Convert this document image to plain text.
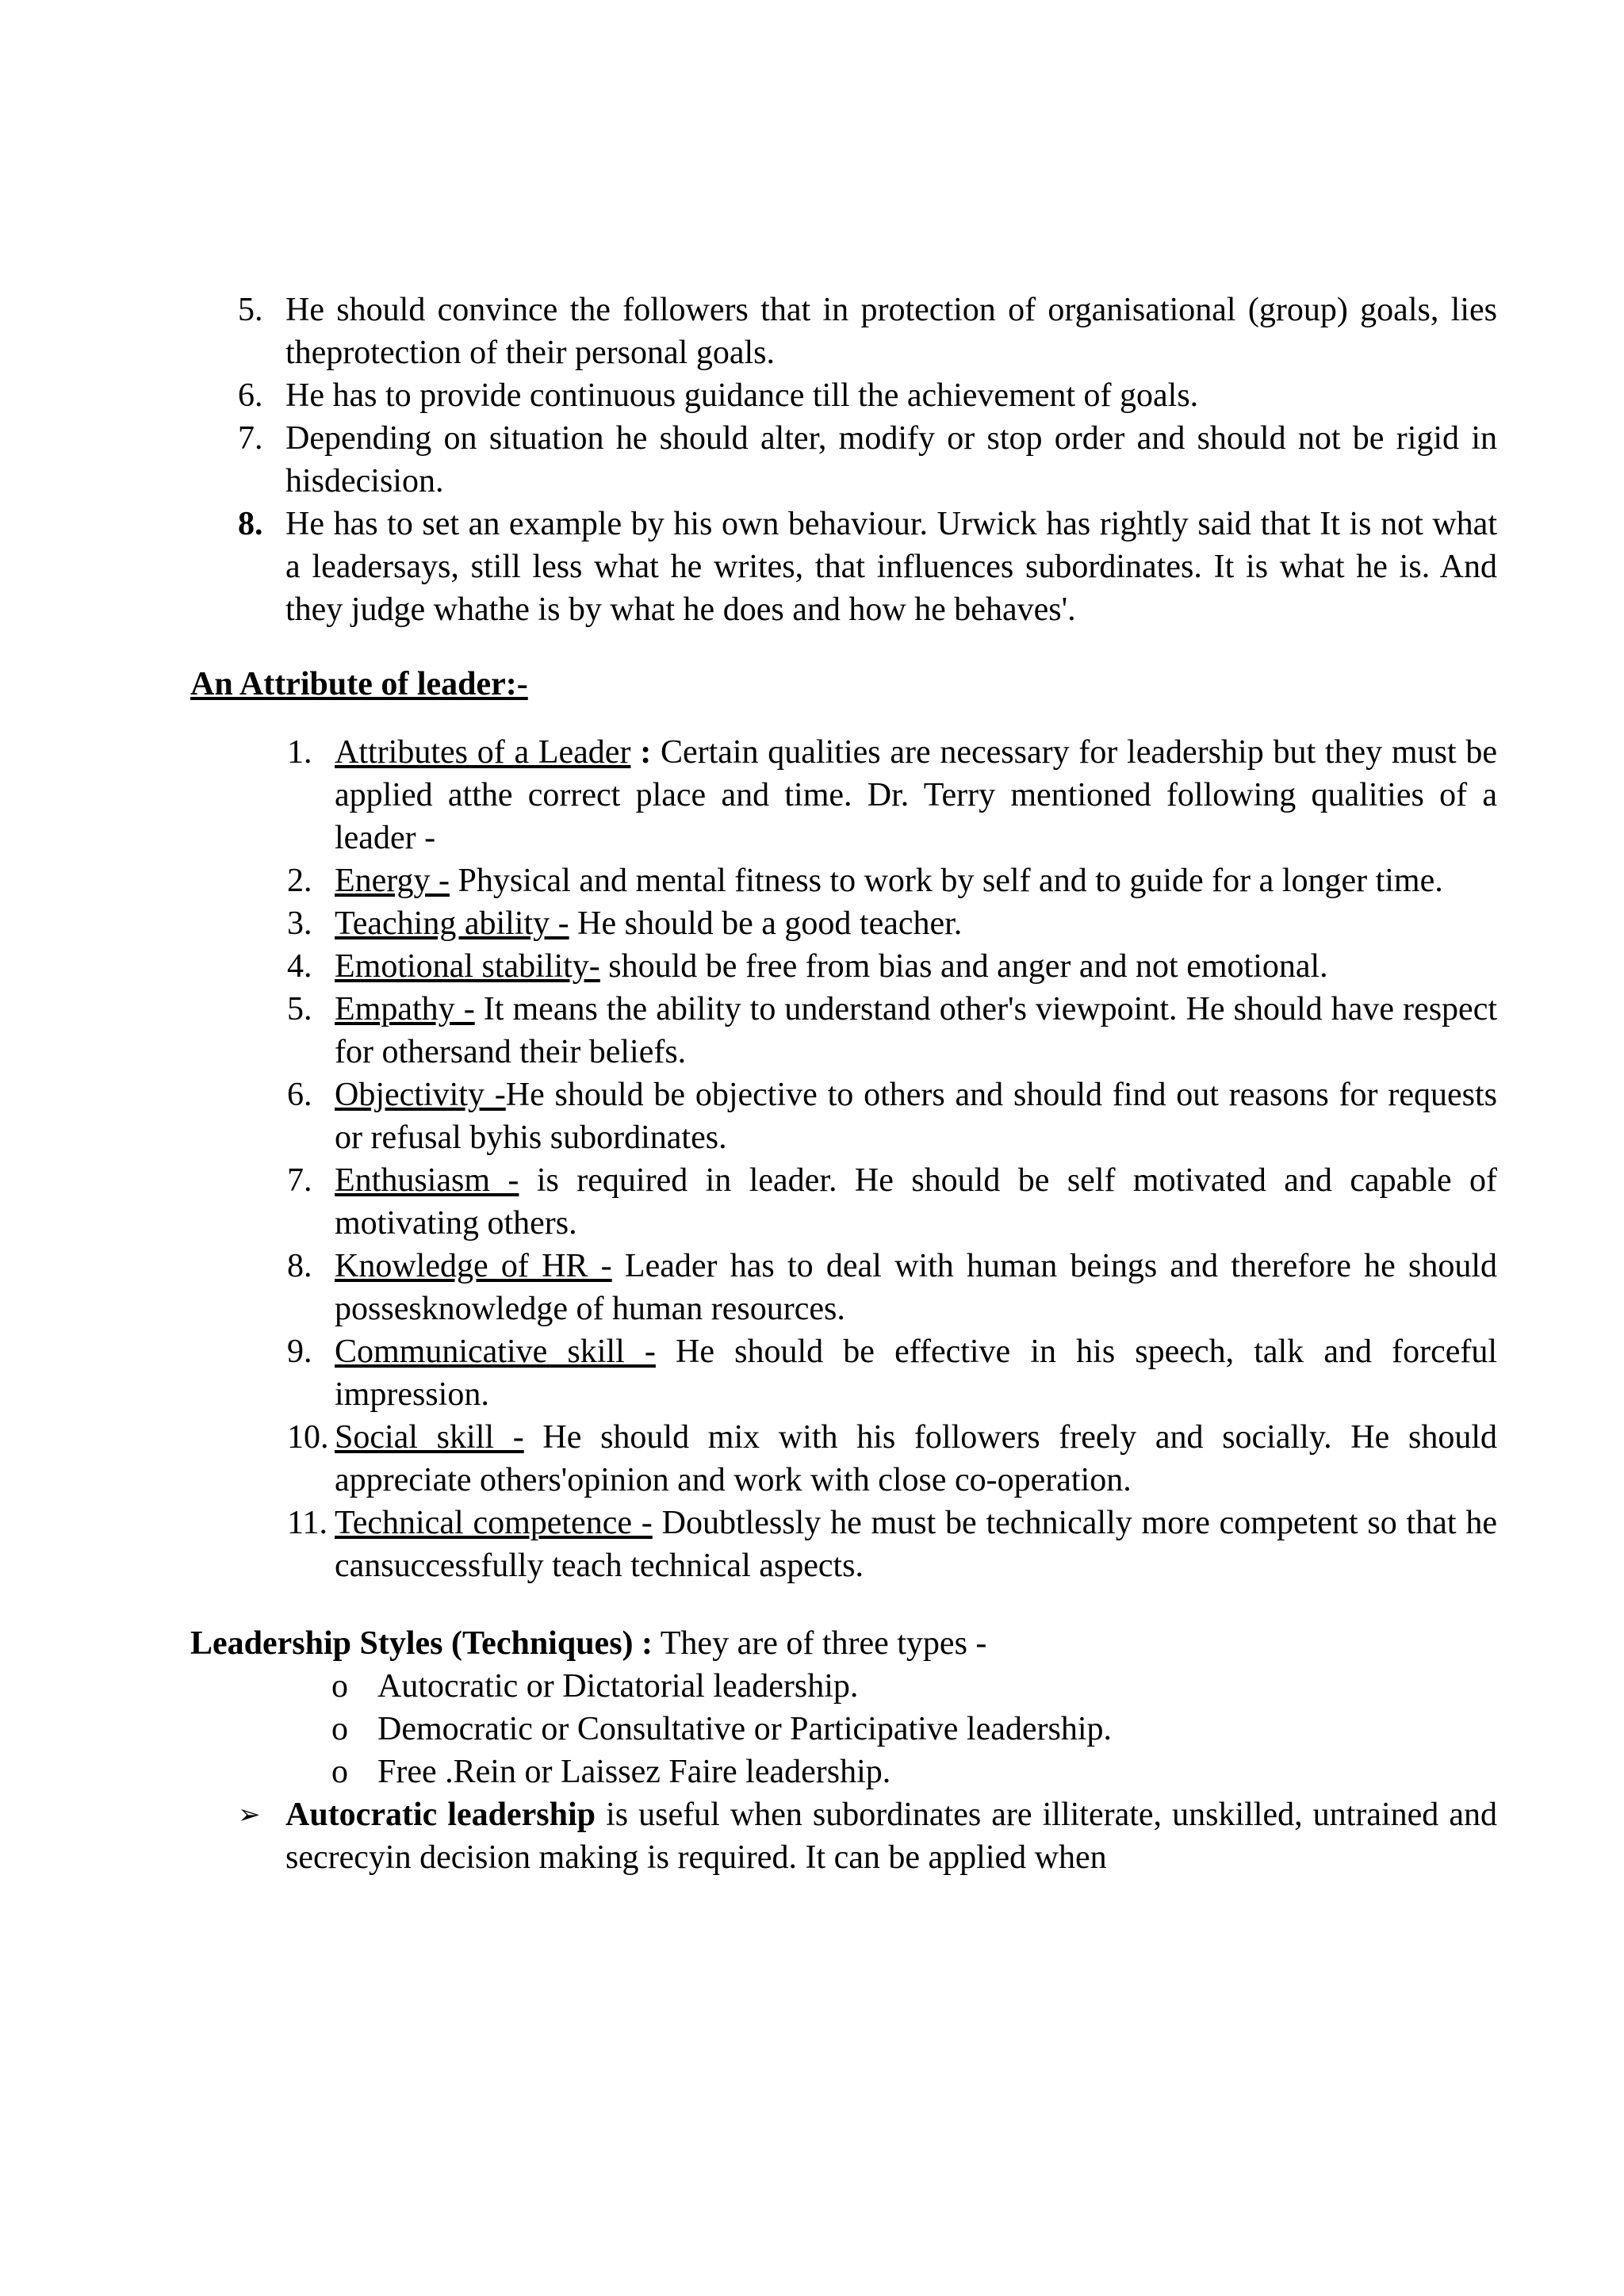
5. He should convince the followers that in protection of organisational (group) goals, lies theprotection of their personal goals.
6. He has to provide continuous guidance till the achievement of goals.
7. Depending on situation he should alter, modify or stop order and should not be rigid in hisdecision.
8. He has to set an example by his own behaviour. Urwick has rightly said that It is not what a leadersays, still less what he writes, that influences subordinates. It is what he is. And they judge whathe is by what he does and how he behaves'.
An Attribute of leader:-
1. Attributes of a Leader : Certain qualities are necessary for leadership but they must be applied atthe correct place and time. Dr. Terry mentioned following qualities of a leader -
2. Energy - Physical and mental fitness to work by self and to guide for a longer time.
3. Teaching ability - He should be a good teacher.
4. Emotional stability- should be free from bias and anger and not emotional.
5. Empathy - It means the ability to understand other's viewpoint. He should have respect for othersand their beliefs.
6. Objectivity -He should be objective to others and should find out reasons for requests or refusal byhis subordinates.
7. Enthusiasm - is required in leader. He should be self motivated and capable of motivating others.
8. Knowledge of HR - Leader has to deal with human beings and therefore he should possesknowledge of human resources.
9. Communicative skill - He should be effective in his speech, talk and forceful impression.
10. Social skill - He should mix with his followers freely and socially. He should appreciate others'opinion and work with close co-operation.
11. Technical competence - Doubtlessly he must be technically more competent so that he cansuccessfully teach technical aspects.
Leadership Styles (Techniques) : They are of three types -
o Autocratic or Dictatorial leadership.
o Democratic or Consultative or Participative leadership.
o Free .Rein or Laissez Faire leadership.
➢ Autocratic leadership is useful when subordinates are illiterate, unskilled, untrained and secrecyin decision making is required. It can be applied when
